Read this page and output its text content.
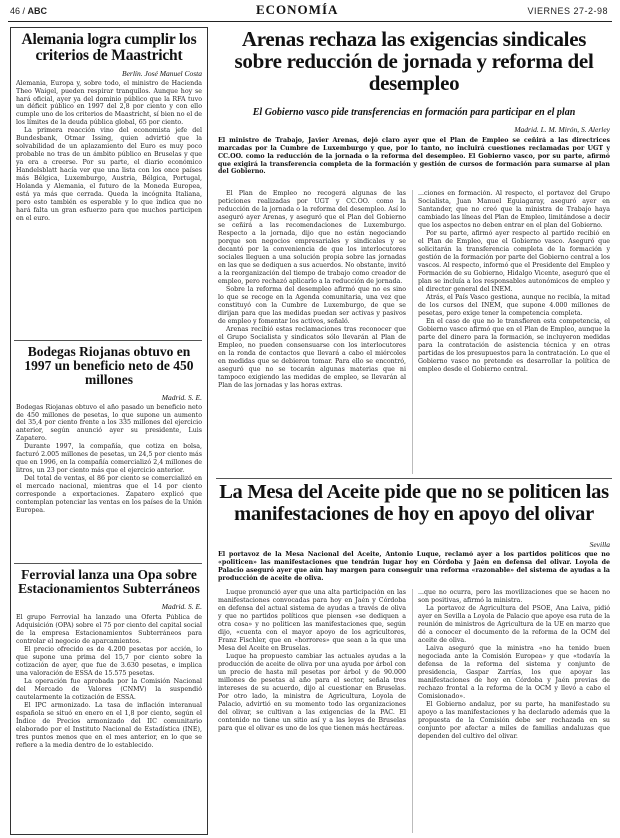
46 / ABC	ECONOMÍA	VIERNES 27-2-98
Alemania logra cumplir los criterios de Maastricht
Berlín. José Manuel Costa

Alemania, Europa y, sobre todo, el ministro de Hacienda Theo Waigel, pueden respirar tranquilos. Aunque hoy se hará oficial, ayer ya del dominio público que la RFA tuvo un déficit público en 1997 del 2,8 por ciento y con ello cumple uno de los criterios de Maastricht, sí bien no el de los límites de la deuda pública global, 65 por ciento.

La primera reacción vino del economista jefe del Bundesbank, Otmar Issing, quien advirtió que la solvabilidad de un aplazamiento del Euro es muy poco probable no tras de un ámbito público en Bruselas y que ya era a creerse. Por su parte, el diario económico Handelsblatt hacía ver que una lista con los once países más Bélgica, Luxemburgo, Austria, Bélgica, Portugal, Holanda y Alemania, el futuro de la Moneda Europea, está ya más que cerrada. Queda la incógnita Italiana, pero esto también es esperable y lo que indica que no hará falta un gran esfuerzo para que muchos participen en el euro.

Bodegas Riojanas obtuvo en 1997 un beneficio neto de 450 millones
Madrid. S. E.

Bodegas Riojanas obtuvo el año pasado un beneficio neto de 450 millones de pesetas, lo que supone un aumento del 35,4 por ciento frente a los 335 millones del ejercicio anterior, según anunció ayer su presidente, Luis Zapatero.

Durante 1997, la compañía, que cotiza en bolsa, facturó 2.005 millones de pesetas, un 24,5 por ciento más que en 1996, en la compañía comercializó 2,4 millones de litros, un 23 por ciento más que el ejercicio anterior.

Del total de ventas, el 86 por ciento se comercializó en el mercado nacional, mientras que el 14 por ciento corresponde a exportaciones. Zapatero explicó que contemplan potenciar las ventas en los países de la Unión Europea.

Ferrovial lanza una Opa sobre Estacionamientos Subterráneos
Madrid. S. E.

El grupo Ferrovial ha lanzado una Oferta Pública de Adquisición (OPA) sobre el 75 por ciento del capital social de la empresa Estacionamientos Subterráneos para controlar el negocio de aparcamientos.

El precio ofrecido es de 4.200 pesetas por acción, lo que supone una prima del 15,7 por ciento sobre la cotización de ayer, que fue de 3.630 pesetas, e implica una valoración de ESSA de 15.575 pesetas.

La operación fue aprobada por la Comisión Nacional del Mercado de Valores (CNMV) la suspendió cautelarmente la cotización de ESSA.

El IPC armonizado. La tasa de inflación interanual española se situó en enero en el 1,8 por ciento, según el Índice de Precios armonizado del IIC comunitario elaborado por el Instituto Nacional de Estadística (INE), tres puntos menos que en el mes anterior, en lo que se refiere a la media dentro de lo establecido.

Arenas rechaza las exigencias sindicales sobre reducción de jornada y reforma del desempleo
El Gobierno vasco pide transferencias en formación para participar en el plan
Madrid. L. M. Mirón, S. Alerley
El ministro de Trabajo, Javier Arenas, dejó claro ayer que el Plan de Empleo se ceñirá a las directrices marcadas por la Cumbre de Luxemburgo y que, por lo tanto, no incluirá cuestiones reclamadas por UGT y CC.OO. como la reducción de la jornada o la reforma del desempleo. El Gobierno vasco, por su parte, afirmó que exigirá la transferencia completa de la formación y gestión de cursos de formación para sumarse al plan del Gobierno.

El Plan de Empleo no recogerá algunas de las peticiones realizadas por UGT y CC.OO. como la reducción de la jornada o la reforma del desempleo. Así lo aseguró ayer Arenas, y aseguró que el Plan del Gobierno se ceñirá a las recomendaciones de Luxemburgo. Respecto a la jornada, dijo que no están negociando porque son negocios empresariales y sindicales y se decantó por la conveniencia de que los interlocutores sociales lleguen a una solución propia sobre las jornadas en las que se dediquen a sus acuerdos. No obstante, invitó a la reorganización del tiempo de trabajo como creador de empleo, pero rechazó aplicarlo a la reducción de jornada.

Sobre la reforma del desempleo afirmó que no es sino lo que se recoge en la Agenda comunitaria, una vez que constituyó con la Cumbre de Luxemburgo, de que se dirijan para que las medidas puedan ser activas y pasivos de empleo y fomentar los activos, señaló.

Arenas recibió estas reclamaciones tras reconocer que el Grupo Socialista y sindicatos sólo llevarán al Plan de Empleo, no pueden consensuarse con los interlocutores en la ronda de contactos que llevará a cabo el miércoles en medidas que se debieron tomar. Para ello se encontró, aseguró que no se tocarán algunas materias que ni tampoco exigiendo las medidas de empleo, se llevarán al Plan de las jornadas y las horas extras.

...ciones en formación. Al respecto, el portavoz del Grupo Socialista, Juan Manuel Eguiagaray, aseguró ayer en Santander, que no creó que la ministra de Trabajo haya cambiado las líneas del Plan de Empleo, limitándose a decir que los aspectos no deben entrar en el plan del Gobierno.

Por su parte, afirmó ayer respecto al partido recibió en el Plan de Empleo, que el Gobierno vasco. Aseguró que solicitarán la transferencia completa de la formación y gestión de la formación por parte del Gobierno central a los vascos. Al respecto, informó que el Presidente del Empleo y Formación de su Gobierno, Hidalgo Vicente, aseguró que el plan se incluía a los responsables autonómicos de empleo y el director general del INEM.

Atrás, el País Vasco gestiona, aunque no recibía, la mitad de los cursos del INEM, que supone 4.000 millones de pesetas, pero exige tener la competencia completa.

En el caso de que no le transfieren esta competencia, el Gobierno vasco afirmó que en el Plan de Empleo, aunque la parte del dinero para la formación, se incluyeron medidas para la contratación de asistencia técnica y en otras partidas de los presupuestos para la contratación. Lo que el Gobierno vasco no pretende es desarrollar la política de empleo desde el Gobierno central.

La Mesa del Aceite pide que no se politicen las manifestaciones de hoy en apoyo del olivar
Sevilla
El portavoz de la Mesa Nacional del Aceite, Antonio Luque, reclamó ayer a los partidos políticos que no «politicen» las manifestaciones que tendrán lugar hoy en Córdoba y Jaén en defensa del olivar. Loyola de Palacio aseguró ayer que aún hay margen para conseguir una reforma «razonable» del sistema de ayudas a la producción de aceite de oliva.

Luque pronunció ayer que una alta participación en las manifestaciones convocadas para hoy en Jaén y Córdoba en defensa del actual sistema de ayudas a través de oliva y que no partidos políticos que piensen «se dediquen a otra cosa» y no politicen las manifestaciones que, según dijo, «cuenta con el mayor apoyo de los agricultores, Franz Fischler, que en «horrores» que sean a la que una Mesa del Aceite en Bruselas.

Luque ha propuesto cambiar las actuales ayudas a la producción de aceite de oliva por una ayuda por árbol con un precio de hasta mil pesetas por árbol y de 90.000 millones de pesetas al año para el sector, señala tres intereses de su acuerdo, dijo al cuestionar en Bruselas. Por otro lado, la ministra de Agricultura, Loyola de Palacio, advirtió en su momento todo las organizaciones del olivar, se cultivan a las exigencias de la PAC. El contenido no tiene un sitio así y a las leyes de Bruselas para que el olivar es uno de los que tienen más hectáreas.

...que no ocurra, pero las movilizaciones que se hacen no son positivas, afirmó la ministra.

La portavoz de Agricultura del PSOE, Ana Laiva, pidió ayer en Sevilla a Loyola de Palacio que apoye esa ruta de la reunión de ministros de Agricultura de la UE en marzo que dé a conocer el documento de la reforma de la OCM del aceite de oliva.

Laiva aseguró que la ministra «no ha tenido buen negociada ante la Comisión Europea» y que «todavía la defensa de la reforma del sistema y conjunto de presidencia, Gaspar Zarrías, los que apoyar las manifestaciones de hoy en Córdoba y Jaén previas de rechazo frontal a la reforma de la OCM y llevó a cabo el Comisionado».

El Gobierno andaluz, por su parte, ha manifestado su apoyo a las manifestaciones y ha declarado además que la propuesta de la Comisión debe ser rechazada en su conjunto por afectar a miles de familias andaluzas que dependen del cultivo del olivar.
